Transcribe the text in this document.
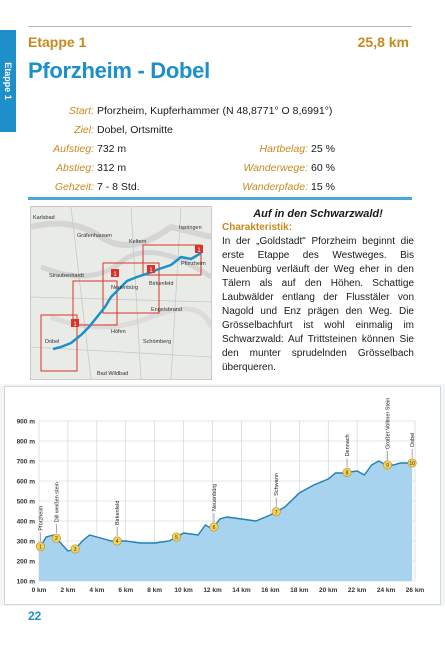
Etappe 1
Etappe 1	25,8 km
Pforzheim - Dobel
Start: Pforzheim, Kupferhammer (N 48,8771° O 8,6991°)
Ziel: Dobel, Ortsmitte
Aufstieg: 732 m	Hartbelag: 25 %
Abstieg: 312 m	Wanderwege: 60 %
Gehzeit: 7 - 8 Std.	Wanderpfade: 15 %
1
1
1
1
Karlsbad
Gräfenhausen
Straubenhardt
Neuenbürg
Birkenfeld
Engelsbrand
Dobel
Höfen
Schömberg
Pforzheim
Keltern
Ispringen
Bad Wildbad
Auf in den Schwarzwald!
Charakteristik:
In der „Goldstadt" Pforzheim beginnt die erste Etappe des Westweges. Bis Neuenbürg verläuft der Weg eher in den Tälern als auf den Höhen. Schattige Laubwälder entlang der Flusstäler von Nagold und Enz prägen den Weg. Die Grösselbachfurt ist wohl einmalig im Schwarzwald: Auf Trittsteinen können Sie den munter sprudelnden Grösselbach überqueren.
100 m
200 m
300 m
400 m
500 m
600 m
700 m
800 m
900 m
0 km 2 km 4 km 6 km 8 km 10 km 12 km 14 km 16 km 18 km 20 km 22 km 24 km 26 km
Pforzheim
1
Dill weißen stein
2
3
Birkenfeld
4
5
Neuenbürg
6
Schwann
7
Dennach
8
Großer Vollmer Stein
9
Dobel
10
22
